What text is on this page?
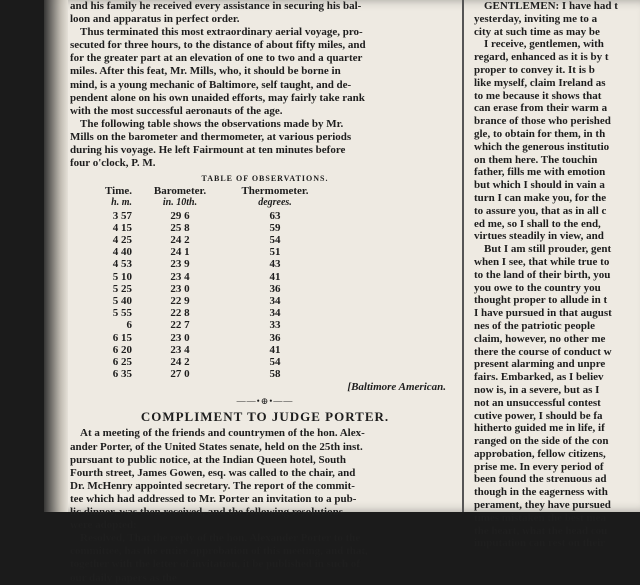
and his family he received every assistance in securing his bal-
loon and apparatus in perfect order.
Thus terminated this most extraordinary aerial voyage, pro-
secuted for three hours, to the distance of about fifty miles, and
for the greater part at an elevation of one to two and a quarter
miles. After this feat, Mr. Mills, who, it should be borne in
mind, is a young mechanic of Baltimore, self taught, and de-
pendent alone on his own unaided efforts, may fairly take rank
with the most successful aeronauts of the age.
The following table shows the observations made by Mr.
Mills on the barometer and thermometer, at various periods
during his voyage. He left Fairmount at ten minutes before
four o'clock, P. M.
TABLE OF OBSERVATIONS.
Time.	Barometer.	Thermometer.
h. m.	in. 10th.	degrees.
3 57	29 6	63
4 15	25 8	59
4 25	24 2	54
4 40	24 1	51
4 53	23 9	43
5 10	23 4	41
5 25	23 0	36
5 40	22 9	34
5 55	22 8	34
6	22 7	33
6 15	23 0	36
6 20	23 4	41
6 25	24 2	54
6 35	27 0	58
[Baltimore American.
——•⊕•——
COMPLIMENT TO JUDGE PORTER.
At a meeting of the friends and countrymen of the hon. Alex-
ander Porter, of the United States senate, held on the 25th inst.
pursuant to public notice, at the Indian Queen hotel, South
Fourth street, James Gowen, esq. was called to the chair, and
Dr. McHenry appointed secretary. The report of the commit-
tee which had addressed to Mr. Porter an invitation to a pub-
lic dinner, was then received, and the following resolutions
were adopted:
Resolved, That the reply of the hon. Alexander Porter to the
committee, has the entire approbation of this meeting, and that,
together with the letter of invitation, it be published in such of
our daily papers as the
GENTLEMEN: I have had t
yesterday, inviting me to a
city at such time as may be
I receive, gentlemen, with
regard, enhanced as it is by t
proper to convey it. It is b
like myself, claim Ireland as
to me because it shows that
can erase from their warm a
brance of those who perished
gle, to obtain for them, in th
which the generous institutio
on them here. The touchin
father, fills me with emotion
but which I should in vain a
turn I can make you, for the
to assure you, that as in all c
ed me, so I shall to the end,
virtues steadily in view, and
But I am still prouder, gent
when I see, that while true to
to the land of their birth, you
you owe to the country you
thought proper to allude in t
I have pursued in that august
nes of the patriotic people
claim, however, no other me
there the course of conduct w
present alarming and unpre
fairs. Embarked, as I believ
now is, in a severe, but as I
not an unsuccessful contest
cutive power, I should be fa
hitherto guided me in life, if
ranged on the side of the con
approbation, fellow citizens,
prise me. In every period of
been found the strenuous ad
though in the eagerness with
perament, they have pursued
times mistaken the best mea
the heart, what the head cou
imputation can rest on their
